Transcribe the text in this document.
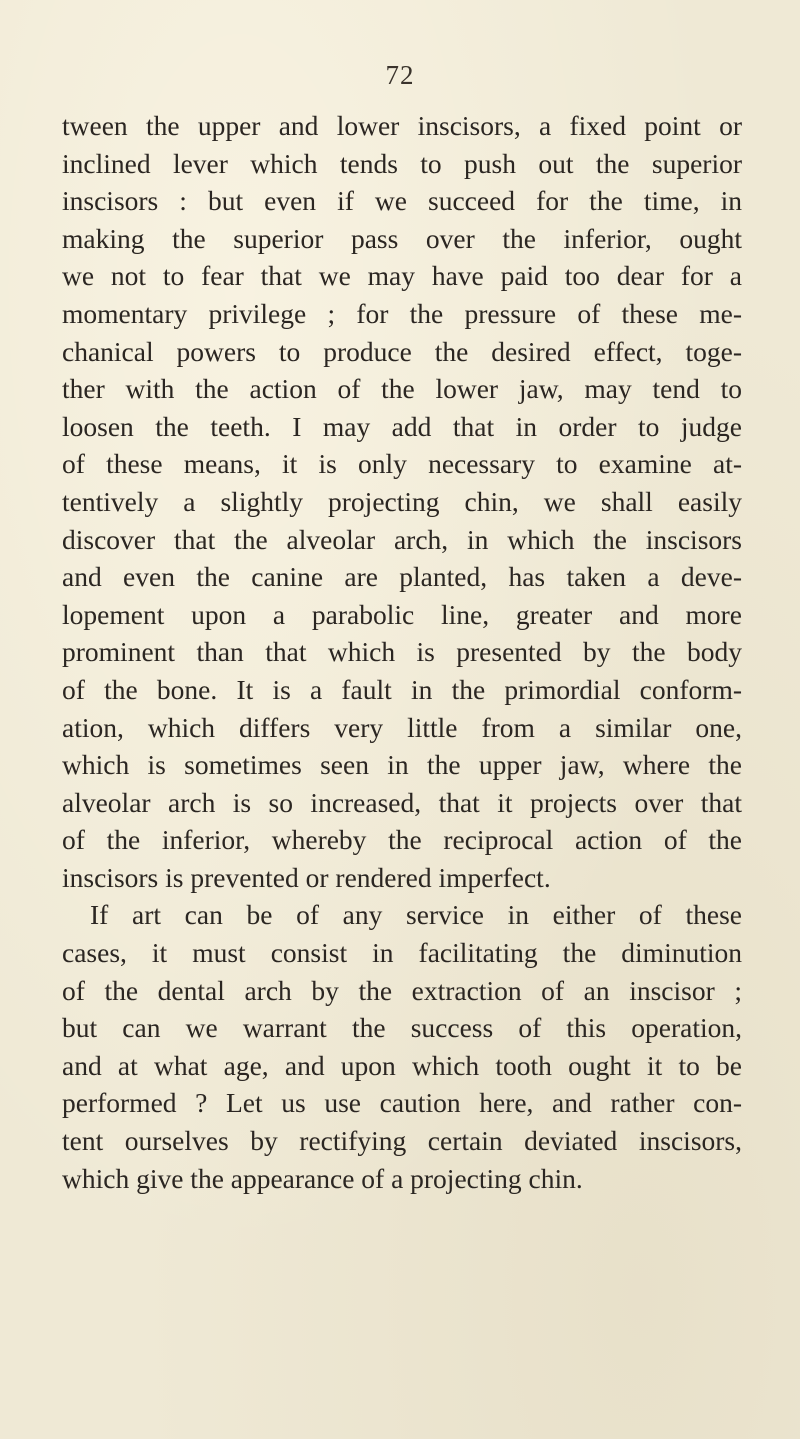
72
tween the upper and lower inscisors, a fixed point or
inclined lever which tends to push out the superior
inscisors : but even if we succeed for the time, in
making the superior pass over the inferior, ought
we not to fear that we may have paid too dear for a
momentary privilege ; for the pressure of these me-
chanical powers to produce the desired effect, toge-
ther with the action of the lower jaw, may tend to
loosen the teeth. I may add that in order to judge
of these means, it is only necessary to examine at-
tentively a slightly projecting chin, we shall easily
discover that the alveolar arch, in which the inscisors
and even the canine are planted, has taken a deve-
lopement upon a parabolic line, greater and more
prominent than that which is presented by the body
of the bone. It is a fault in the primordial conform-
ation, which differs very little from a similar one,
which is sometimes seen in the upper jaw, where the
alveolar arch is so increased, that it projects over that
of the inferior, whereby the reciprocal action of the
inscisors is prevented or rendered imperfect.
If art can be of any service in either of these
cases, it must consist in facilitating the diminution
of the dental arch by the extraction of an inscisor ;
but can we warrant the success of this operation,
and at what age, and upon which tooth ought it to be
performed ? Let us use caution here, and rather con-
tent ourselves by rectifying certain deviated inscisors,
which give the appearance of a projecting chin.
